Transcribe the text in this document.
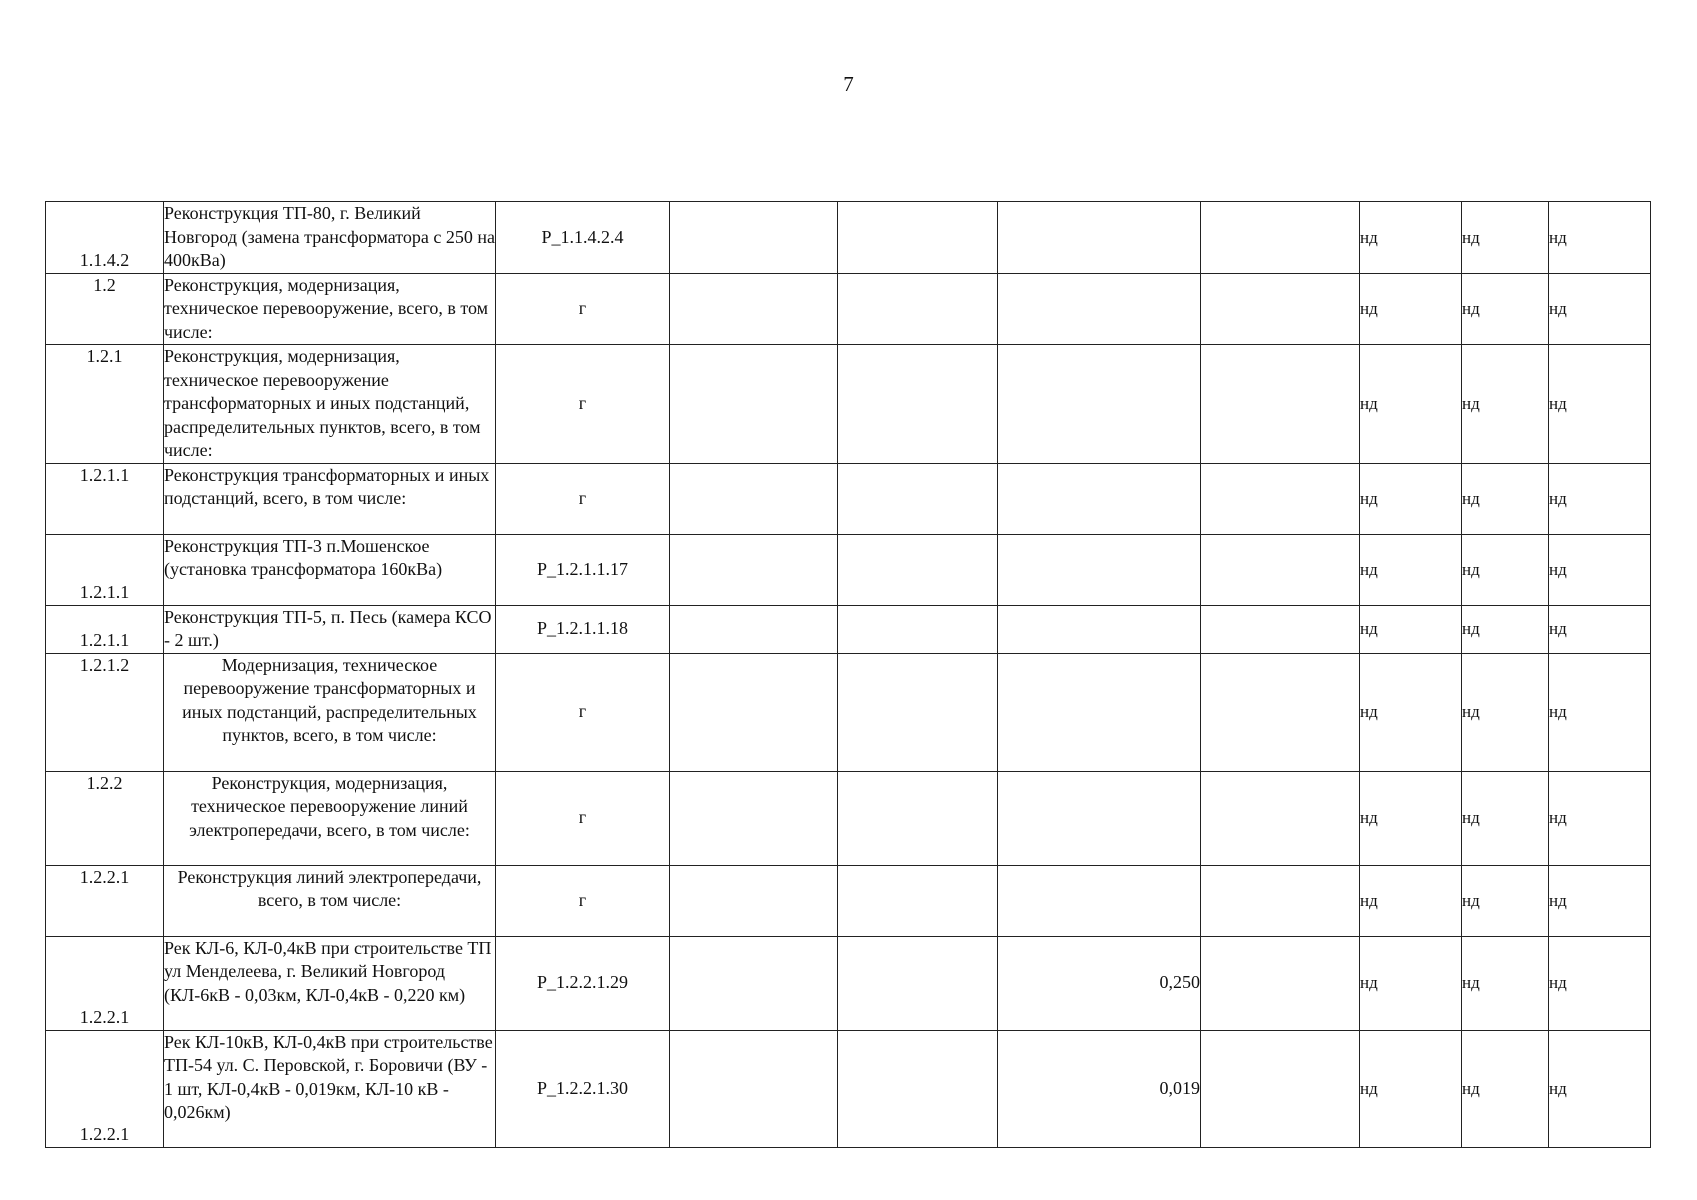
7
1.1.4.2	Реконструкция ТП-80, г. Великий Новгород (замена трансформатора с 250 на 400кВа)	Р_1.1.4.2.4					нд	нд	нд
1.2	Реконструкция, модернизация, техническое перевооружение, всего, в том числе:	г					нд	нд	нд
1.2.1	Реконструкция, модернизация, техническое перевооружение трансформаторных и иных подстанций, распределительных пунктов, всего, в том числе:	г					нд	нд	нд
1.2.1.1	Реконструкция трансформаторных и иных подстанций, всего, в том числе:	г					нд	нд	нд
1.2.1.1	Реконструкция ТП-3 п.Мошенское (установка трансформатора 160кВа)	Р_1.2.1.1.17					нд	нд	нд
1.2.1.1	Реконструкция ТП-5, п. Песь (камера КСО - 2 шт.)	Р_1.2.1.1.18					нд	нд	нд
1.2.1.2	Модернизация, техническое перевооружение трансформаторных и иных подстанций, распределительных пунктов, всего, в том числе:	г					нд	нд	нд
1.2.2	Реконструкция, модернизация, техническое перевооружение линий электропередачи, всего, в том числе:	г					нд	нд	нд
1.2.2.1	Реконструкция линий электропередачи, всего, в том числе:	г					нд	нд	нд
1.2.2.1	Рек КЛ-6, КЛ-0,4кВ при строительстве ТП ул Менделеева, г. Великий Новгород (КЛ-6кВ - 0,03км, КЛ-0,4кВ - 0,220 км)	Р_1.2.2.1.29			0,250		нд	нд	нд
1.2.2.1	Рек КЛ-10кВ, КЛ-0,4кВ при строительстве ТП-54 ул. С. Перовской, г. Боровичи (ВУ - 1 шт, КЛ-0,4кВ - 0,019км, КЛ-10 кВ - 0,026км)	Р_1.2.2.1.30			0,019		нд	нд	нд
